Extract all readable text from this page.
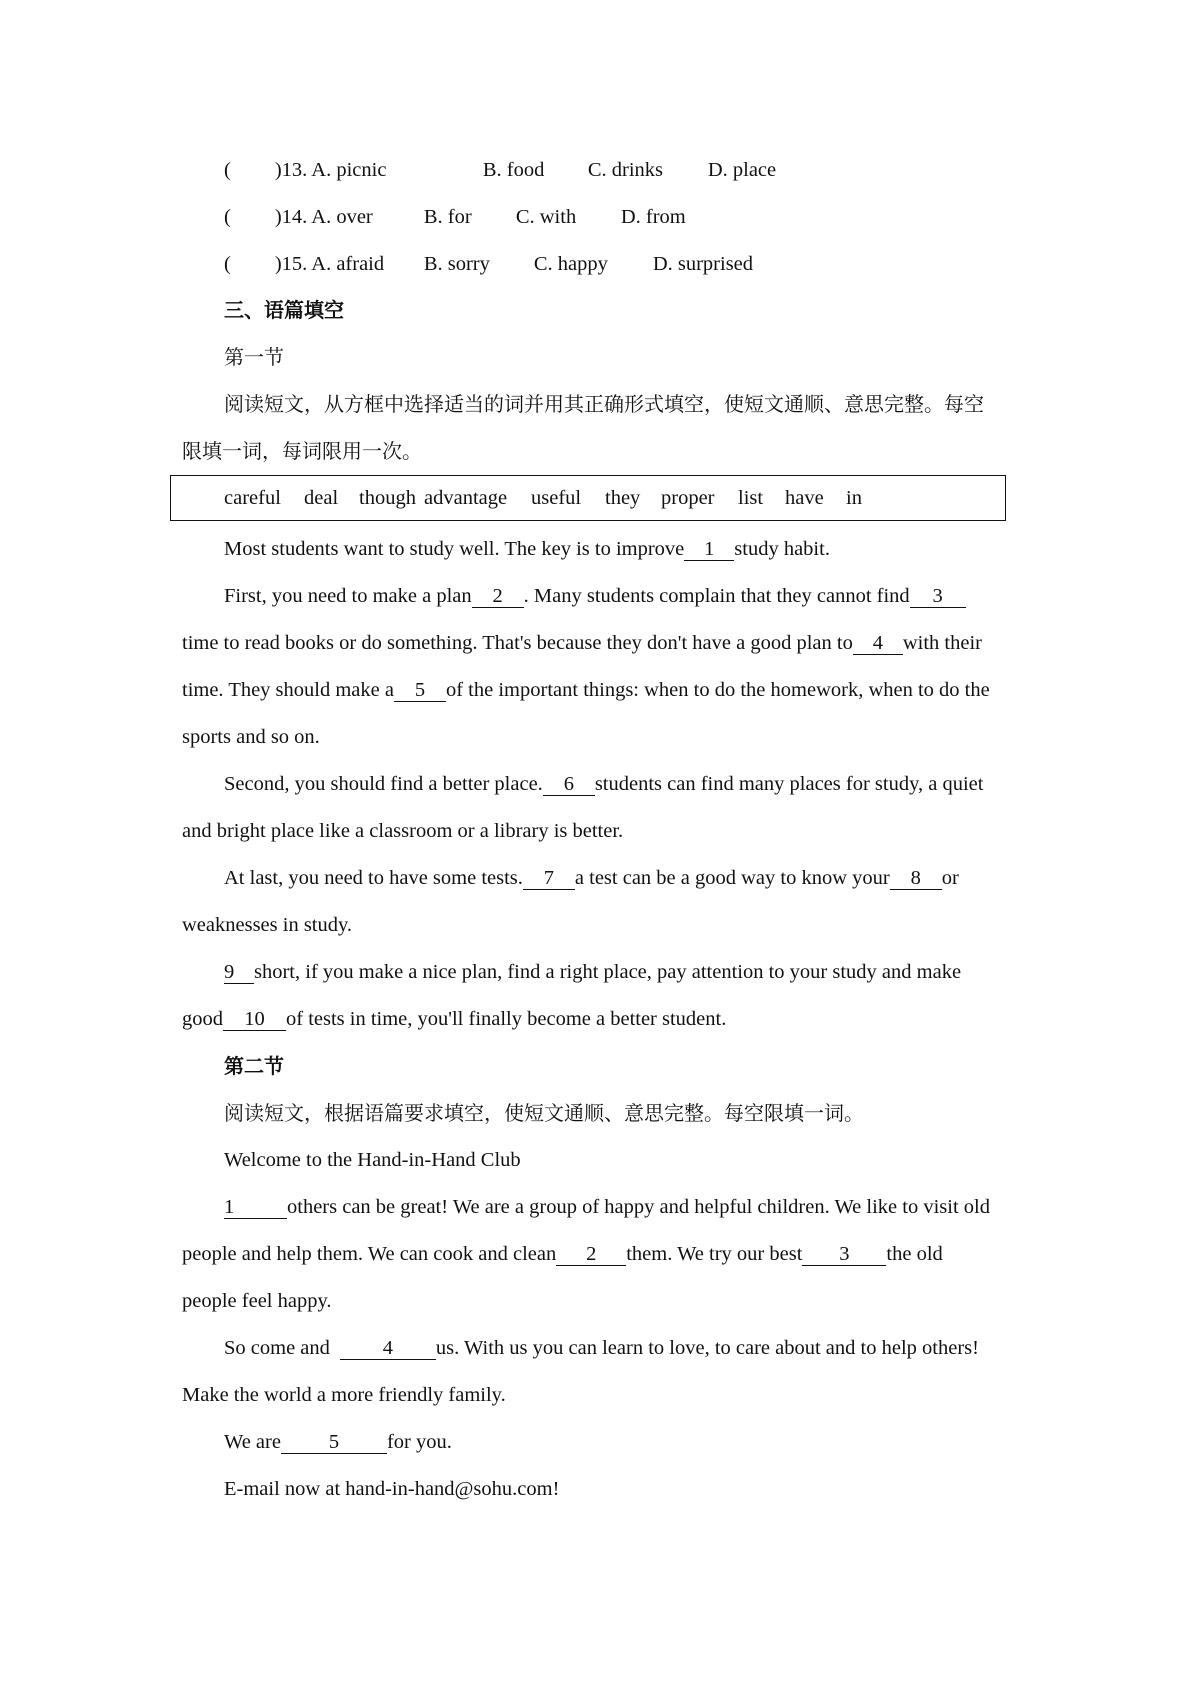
( )13. A. picnic	B. food C. drinks D. place
( )14. A. over B. for C. with D. from
( )15. A. afraid B. sorry C. happy D. surprised
三、语篇填空
第一节
阅读短文，从方框中选择适当的词并用其正确形式填空，使短文通顺、意思完整。每空
限填一词，每词限用一次。
careful deal though advantage useful they proper list have in
Most students want to study well. The key is to improve 1 study habit.
First, you need to make a plan 2 . Many students complain that they cannot find 3
time to read books or do something. That's because they don't have a good plan to 4 with their
time. They should make a 5 of the important things: when to do the homework, when to do the
sports and so on.
Second, you should find a better place. 6 students can find many places for study, a quiet
and bright place like a classroom or a library is better.
At last, you need to have some tests. 7 a test can be a good way to know your 8 or
weaknesses in study.
9 short, if you make a nice plan, find a right place, pay attention to your study and make
good 10 of tests in time, you'll finally become a better student.
第二节
阅读短文，根据语篇要求填空，使短文通顺、意思完整。每空限填一词。
Welcome to the Hand-in-Hand Club
1	others can be great! We are a group of happy and helpful children. We like to visit old
people and help them. We can cook and clean 2 them. We try our best 3 the old
people feel happy.
So come and	4 us. With us you can learn to love, to care about and to help others!
Make the world a more friendly family.
We are 5 for you.
E-mail now at hand-in-hand@sohu.com!
